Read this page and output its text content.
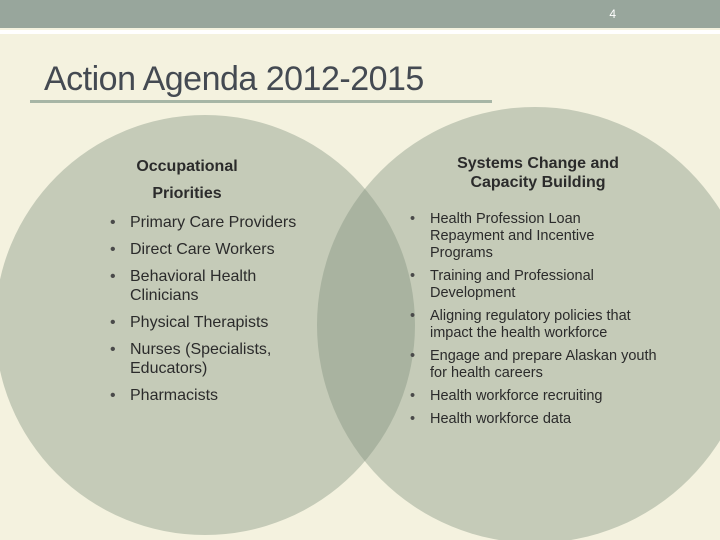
4
Action Agenda 2012-2015
Occupational
Priorities
• Primary Care Providers
• Direct Care Workers
• Behavioral Health Clinicians
• Physical Therapists
• Nurses (Specialists, Educators)
• Pharmacists
Systems Change and Capacity Building
• Health Profession Loan Repayment and Incentive Programs
• Training and Professional Development
• Aligning regulatory policies that impact the health workforce
• Engage and prepare Alaskan youth for health careers
• Health workforce recruiting
• Health workforce data
